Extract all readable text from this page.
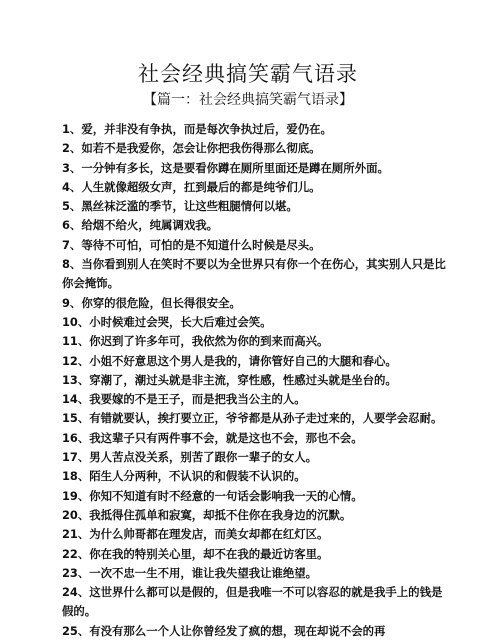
社会经典搞笑霸气语录
【篇一：社会经典搞笑霸气语录】
1、爱，并非没有争执，而是每次争执过后，爱仍在。
2、如若不是我爱你，怎会让你把我伤得那么彻底。
3、一分钟有多长，这是要看你蹲在厕所里面还是蹲在厕所外面。
4、人生就像超级女声，扛到最后的都是纯爷们儿。
5、黑丝袜泛滥的季节，让这些粗腿情何以堪。
6、给烟不给火，纯属调戏我。
7、等待不可怕，可怕的是不知道什么时候是尽头。
8、当你看到别人在笑时不要以为全世界只有你一个在伤心，其实别人只是比你会掩饰。
9、你穿的很危险，但长得很安全。
10、小时候难过会哭，长大后难过会笑。
11、你迟到了许多年可，我依然为你的到来而高兴。
12、小姐不好意思这个男人是我的，请你管好自己的大腿和春心。
13、穿潮了，潮过头就是非主流，穿性感，性感过头就是坐台的。
14、我要嫁的不是王子，而是把我当公主的人。
15、有错就要认，挨打要立正，爷爷都是从孙子走过来的，人要学会忍耐。
16、我这辈子只有两件事不会，就是这也不会，那也不会。
17、男人苦点没关系，别苦了跟你一辈子的女人。
18、陌生人分两种，不认识的和假装不认识的。
19、你知不知道有时不经意的一句话会影响我一天的心情。
20、我抵得住孤单和寂寞，却抵不住你在我身边的沉默。
21、为什么帅哥都在理发店，而美女却都在红灯区。
22、你在我的特别关心里，却不在我的最近访客里。
23、一次不忠一生不用，谁让我失望我让谁绝望。
24、这世界什么都可以是假的，但是我唯一不可以容忍的就是我手上的钱是假的。
25、有没有那么一个人让你曾经发了疯的想，现在却说不会的再
